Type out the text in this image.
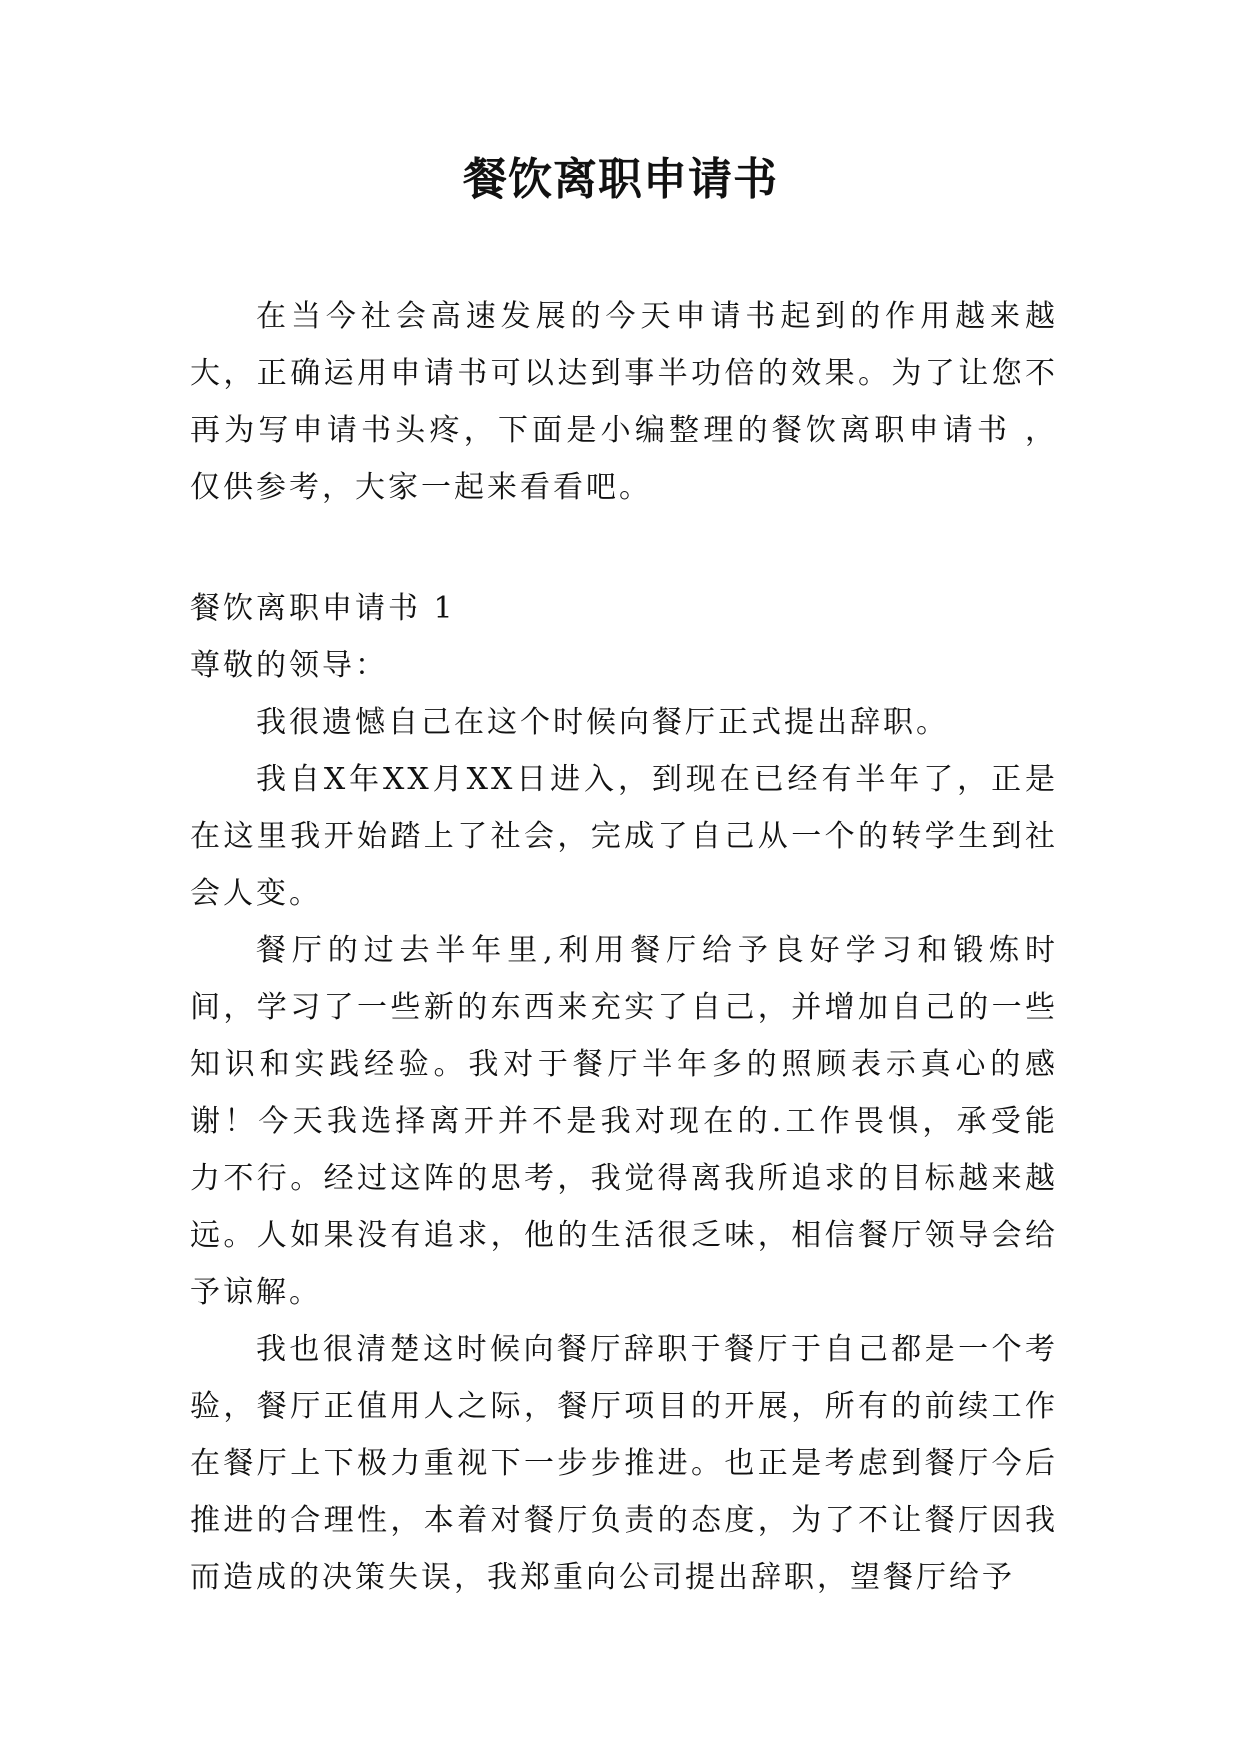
餐饮离职申请书

在当今社会高速发展的今天申请书起到的作用越来越大，正确运用申请书可以达到事半功倍的效果。为了让您不再为写申请书头疼，下面是小编整理的餐饮离职申请书 ，仅供参考，大家一起来看看吧。

餐饮离职申请书 1

尊敬的领导：

我很遗憾自己在这个时候向餐厅正式提出辞职。

我自X年XX月XX日进入，到现在已经有半年了，正是在这里我开始踏上了社会，完成了自己从一个的转学生到社会人变。

餐厅的过去半年里,利用餐厅给予良好学习和锻炼时间，学习了一些新的东西来充实了自己，并增加自己的一些知识和实践经验。我对于餐厅半年多的照顾表示真心的感谢！今天我选择离开并不是我对现在的.工作畏惧，承受能力不行。经过这阵的思考，我觉得离我所追求的目标越来越远。人如果没有追求，他的生活很乏味，相信餐厅领导会给予谅解。

我也很清楚这时候向餐厅辞职于餐厅于自己都是一个考验，餐厅正值用人之际，餐厅项目的开展，所有的前续工作在餐厅上下极力重视下一步步推进。也正是考虑到餐厅今后推进的合理性，本着对餐厅负责的态度，为了不让餐厅因我而造成的决策失误，我郑重向公司提出辞职，望餐厅给予
